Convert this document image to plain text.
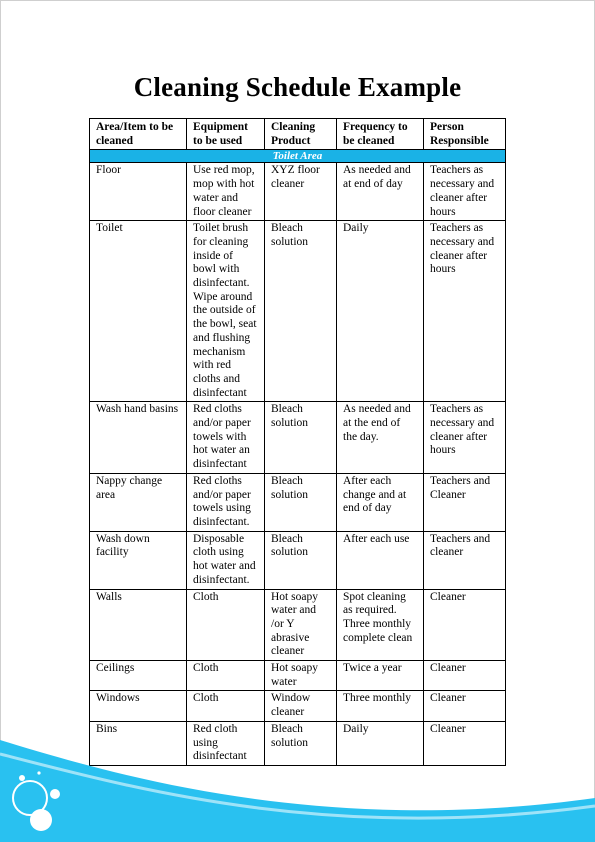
Cleaning Schedule Example
Area/Item to be cleaned	Equipment to be used	Cleaning Product	Frequency to be cleaned	Person Responsible
Toilet Area				
Floor	Use red mop, mop with hot water and floor cleaner	XYZ floor cleaner	As needed and at end of day	Teachers as necessary and cleaner after hours
Toilet	Toilet brush for cleaning inside of bowl with disinfectant. Wipe around the outside of the bowl, seat and flushing mechanism with red cloths and disinfectant	Bleach solution	Daily	Teachers as necessary and cleaner after hours
Wash hand basins	Red cloths and/or paper towels with hot water an disinfectant	Bleach solution	As needed and at the end of the day.	Teachers as necessary and cleaner after hours
Nappy change area	Red cloths and/or paper towels using disinfectant.	Bleach solution	After each change and at end of day	Teachers and Cleaner
Wash down facility	Disposable cloth using hot water and disinfectant.	Bleach solution	After each use	Teachers and cleaner
Walls	Cloth	Hot soapy water and /or Y abrasive cleaner	Spot cleaning as required. Three monthly complete clean	Cleaner
Ceilings	Cloth	Hot soapy water	Twice a year	Cleaner
Windows	Cloth	Window cleaner	Three monthly	Cleaner
Bins	Red cloth using disinfectant	Bleach solution	Daily	Cleaner
